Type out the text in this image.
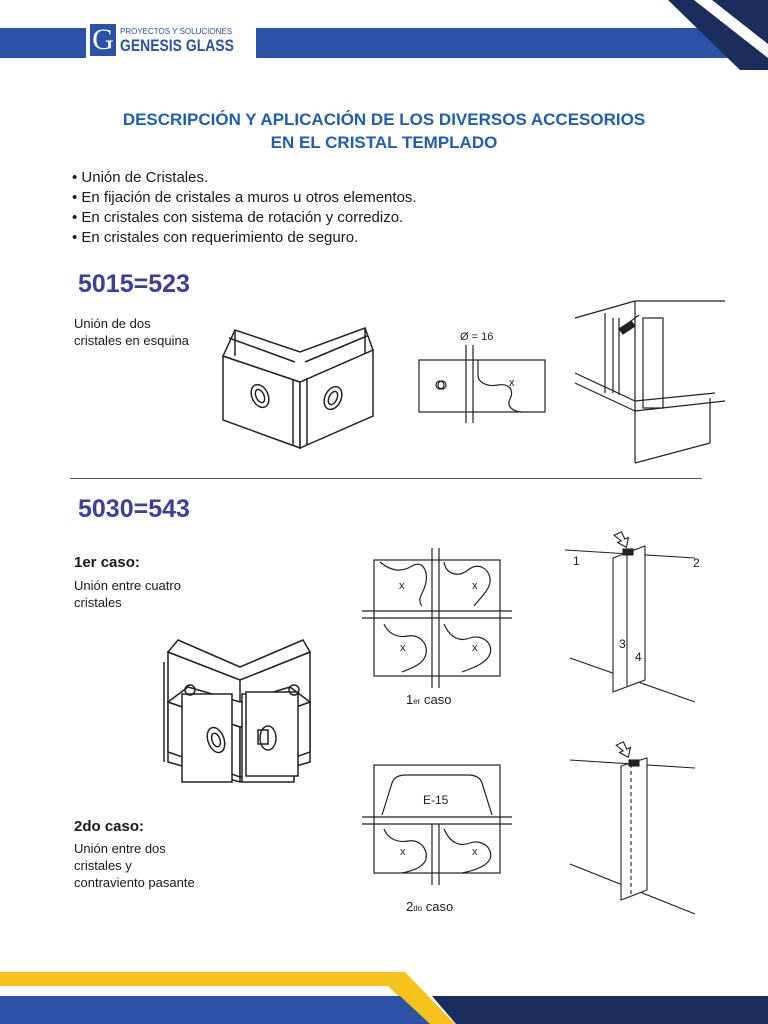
G PROYECTOS Y SOLUCIONES
GENESIS GLASS
DESCRIPCIÓN Y APLICACIÓN DE LOS DIVERSOS ACCESORIOS
EN EL CRISTAL TEMPLADO
• Unión de Cristales.
• En fijación de cristales a muros u otros elementos.
• En cristales con sistema de rotación y corredizo.
• En cristales con requerimiento de seguro.
5015=523
Unión de dos
cristales en esquina	Ø = 16
x
5030=543
1er caso:
Unión entre cuatro
cristales
x	x
x	x
1er caso
1	2
3
4
2do caso:
Unión entre dos
cristales y
contraviento pasante
E-15
x	x
2do caso
